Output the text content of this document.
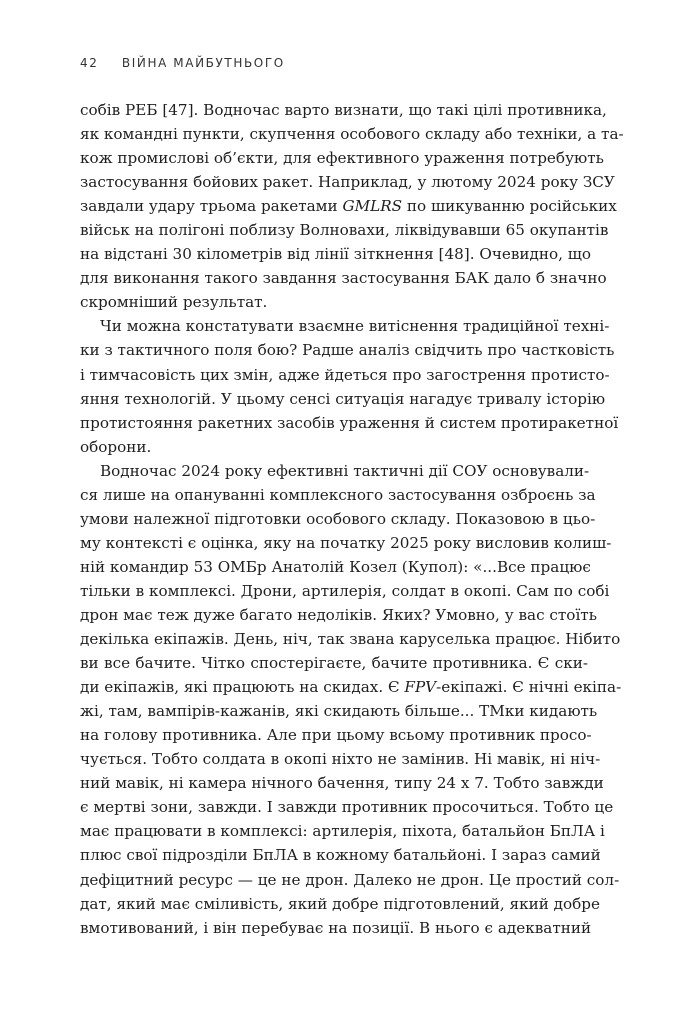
42 ВІЙНА МАЙБУТНЬОГО
собів РЕБ [47]. Водночас варто визнати, що такі цілі противника,
як командні пункти, скупчення особового складу або техніки, а та-
кож промислові об’єкти, для ефективного ураження потребують
застосування бойових ракет. Наприклад, у лютому 2024 року ЗСУ
завдали удару трьома ракетами GMLRS по шикуванню російських
військ на полігоні поблизу Волновахи, ліквідувавши 65 окупантів
на відстані 30 кілометрів від лінії зіткнення [48]. Очевидно, що
для виконання такого завдання застосування БАК дало б значно
скромніший результат.
Чи можна констатувати взаємне витіснення традиційної техні-
ки з тактичного поля бою? Радше аналіз свідчить про частковість
і тимчасовість цих змін, адже йдеться про загострення протисто-
яння технологій. У цьому сенсі ситуація нагадує тривалу історію
протистояння ракетних засобів ураження й систем протиракетної
оборони.
Водночас 2024 року ефективні тактичні дії СОУ основували-
ся лише на опануванні комплексного застосування озброєнь за
умови належної підготовки особового складу. Показовою в цьо-
му контексті є оцінка, яку на початку 2025 року висловив колиш-
ній командир 53 ОМБр Анатолій Козел (Купол): «...Все працює
тільки в комплексі. Дрони, артилерія, солдат в окопі. Сам по собі
дрон має теж дуже багато недоліків. Яких? Умовно, у вас стоїть
декілька екіпажів. День, ніч, так звана каруселька працює. Нібито
ви все бачите. Чітко спостерігаєте, бачите противника. Є ски-
ди екіпажів, які працюють на скидах. Є FPV-екіпажі. Є нічні екіпа-
жі, там, вампірів-кажанів, які скидають більше... ТМки кидають
на голову противника. Але при цьому всьому противник просо-
чується. Тобто солдата в окопі ніхто не замінив. Ні мавік, ні ніч-
ний мавік, ні камера нічного бачення, типу 24 х 7. Тобто завжди
є мертві зони, завжди. І завжди противник просочиться. Тобто це
має працювати в комплексі: артилерія, піхота, батальйон БпЛА і
плюс свої підрозділи БпЛА в кожному батальйоні. І зараз самий
дефіцитний ресурс — це не дрон. Далеко не дрон. Це простий сол-
дат, який має сміливість, який добре підготовлений, який добре
вмотивований, і він перебуває на позиції. В нього є адекватний
